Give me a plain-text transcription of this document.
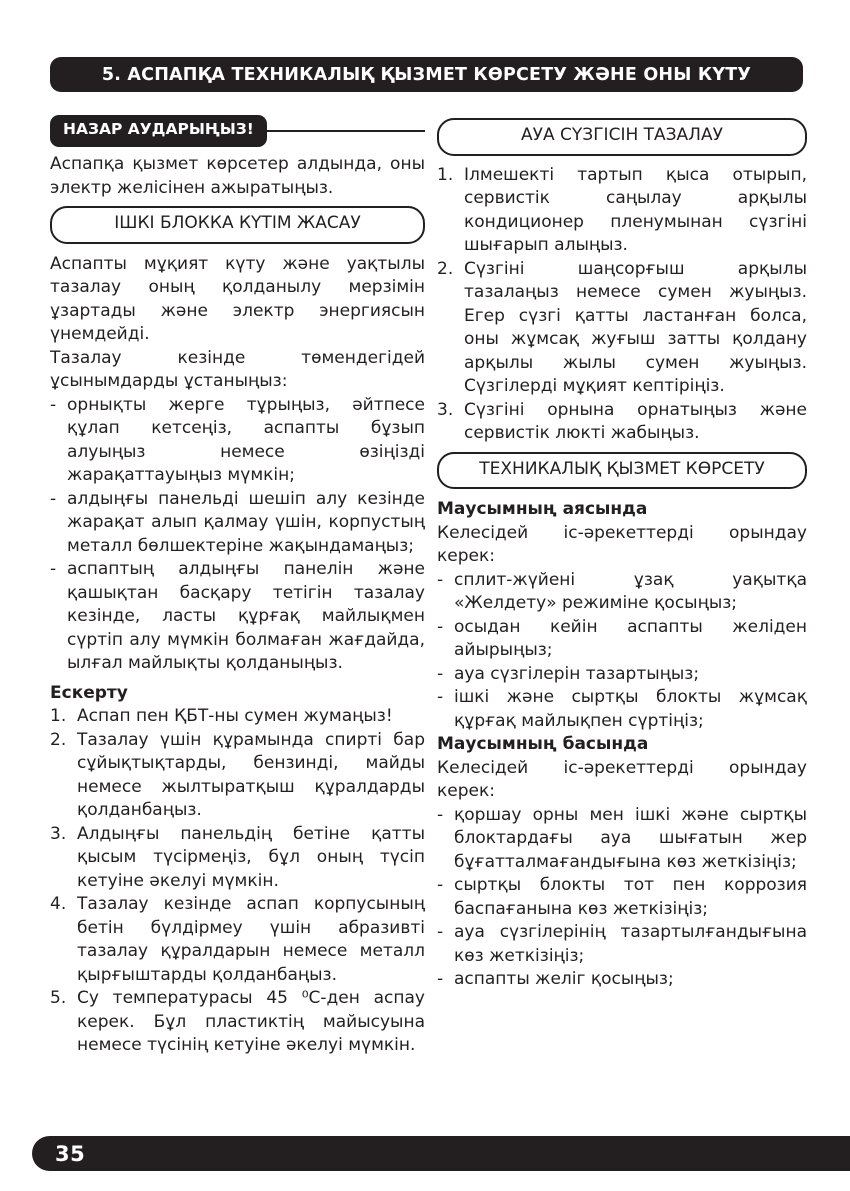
5. АСПАПҚА ТЕХНИКАЛЫҚ ҚЫЗМЕТ КӨРСЕТУ ЖӘНЕ ОНЫ КҮТУ
НАЗАР АУДАРЫҢЫЗ!

Аспапқа қызмет көрсетер алдында, оны электр желісінен ажыратыңыз.

ІШКІ БЛОККА КҮТІМ ЖАСАУ

Аспапты мұқият күту және уақтылы тазалау оның қолданылу мерзімін ұзартады және электр энергиясын үнемдейді.

Тазалау кезінде төмендегідей ұсынымдарды ұстаныңыз:

- орнықты жерге тұрыңыз, әйтпесе құлап кетсеңіз, аспапты бұзып алуыңыз немесе өзіңізді жарақаттауыңыз мүмкін;
- алдыңғы панельді шешіп алу кезінде жарақат алып қалмау үшін, корпустың металл бөлшектеріне жақындамаңыз;
- аспаптың алдыңғы панелін және қашықтан басқару тетігін тазалау кезінде, ласты құрғақ майлықмен сүртіп алу мүмкін болмаған жағдайда, ылғал майлықты қолданыңыз.

Ескерту

1. Аспап пен ҚБТ-ны сумен жумаңыз!
2. Тазалау үшін құрамында спирті бар сұйықтықтарды, бензинді, майды немесе жылтыратқыш құралдарды қолданбаңыз.
3. Алдыңғы панельдің бетіне қатты қысым түсірмеңіз, бұл оның түсіп кетуіне әкелуі мүмкін.
4. Тазалау кезінде аспап корпусының бетін бүлдірмеу үшін абразивті тазалау құралдарын немесе металл қырғыштарды қолданбаңыз.
5. Су температурасы 45 ⁰С-ден аспау керек. Бұл пластиктің майысуына немесе түсінің кетуіне әкелуі мүмкін.
АУА СҮЗГІСІН ТАЗАЛАУ
1. Ілмешекті тартып қыса отырып, сервистік саңылау арқылы кондиционер пленумынан сүзгіні шығарып алыңыз.
2. Сүзгіні шаңсорғыш арқылы тазалаңыз немесе сумен жуыңыз. Егер сүзгі қатты ластанған болса, оны жұмсақ жуғыш затты қолдану арқылы жылы сумен жуыңыз. Сүзгілерді мұқият кептіріңіз.
3. Сүзгіні орнына орнатыңыз және сервистік люкті жабыңыз.
ТЕХНИКАЛЫҚ ҚЫЗМЕТ КӨРСЕТУ

Маусымның аясында

Келесідей іс-әрекеттерді орындау керек:

- сплит-жүйені ұзақ уақытқа «Желдету» режиміне қосыңыз;
- осыдан кейін аспапты желіден айырыңыз;
- ауа сүзгілерін тазартыңыз;
- ішкі және сыртқы блокты жұмсақ құрғақ майлықпен сүртіңіз;

Маусымның басында

Келесідей іс-әрекеттерді орындау керек:

- қоршау орны мен ішкі және сыртқы блоктардағы ауа шығатын жер бұғатталмағандығына көз жеткізіңіз;
- сыртқы блокты тот пен коррозия баспағанына көз жеткізіңіз;
- ауа сүзгілерінің тазартылғандығына көз жеткізіңіз;
- аспапты желіг қосыңыз;
35
